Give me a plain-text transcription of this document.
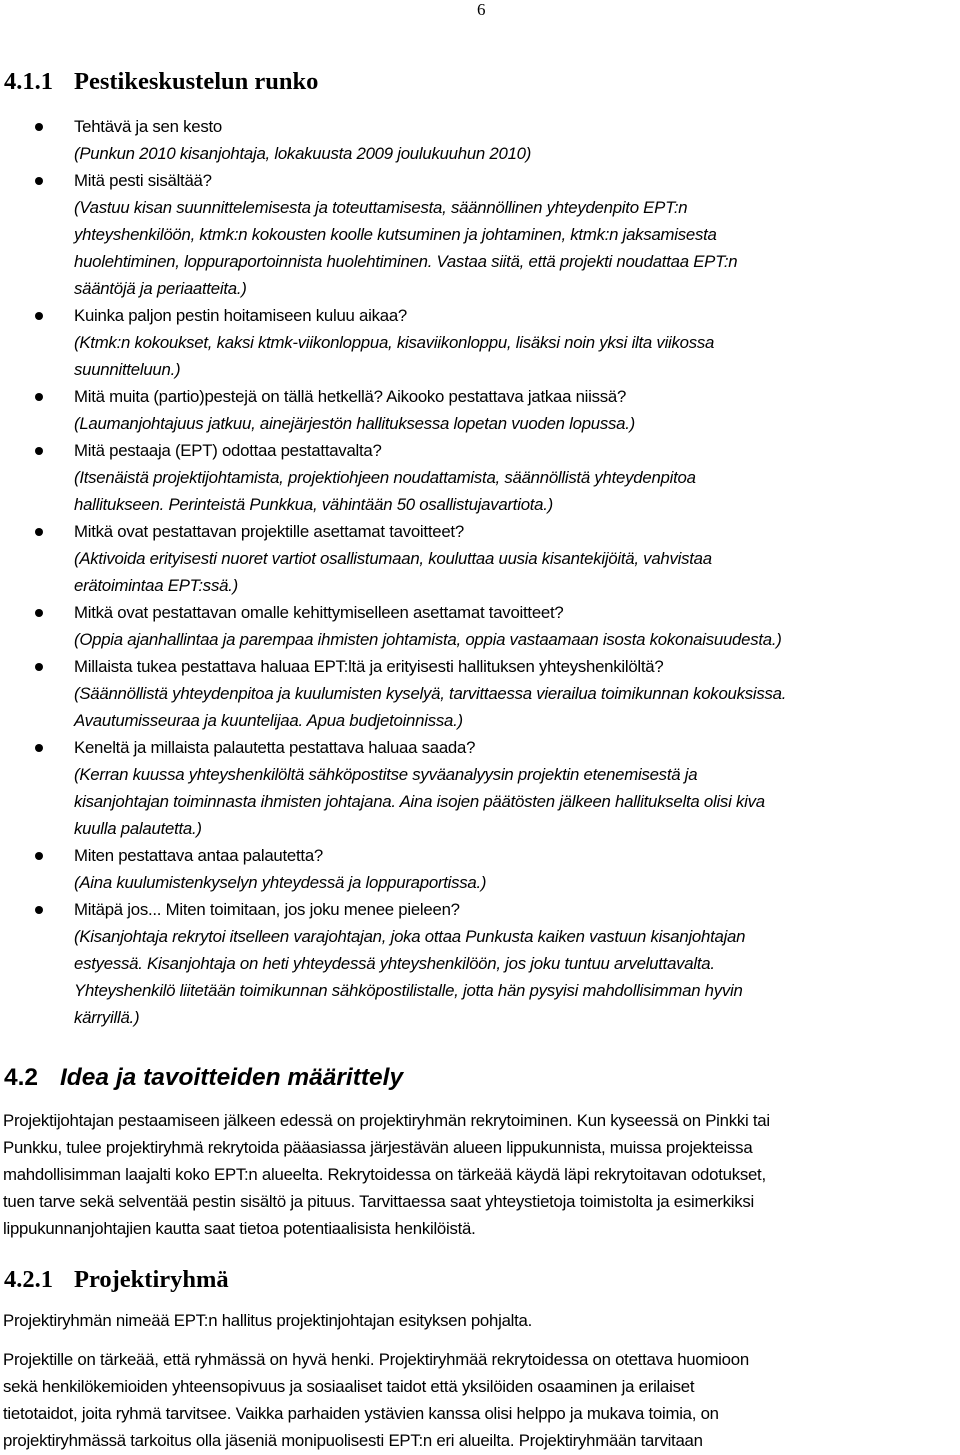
6
4.1.1 Pestikeskustelun runko
Tehtävä ja sen kesto
(Punkun 2010 kisanjohtaja, lokakuusta 2009 joulukuuhun 2010)
Mitä pesti sisältää?
(Vastuu kisan suunnittelemisesta ja toteuttamisesta, säännöllinen yhteydenpito EPT:n
yhteyshenkilöön, ktmk:n kokousten koolle kutsuminen ja johtaminen, ktmk:n jaksamisesta
huolehtiminen, loppuraportoinnista huolehtiminen. Vastaa siitä, että projekti noudattaa EPT:n
sääntöjä ja periaatteita.)
Kuinka paljon pestin hoitamiseen kuluu aikaa?
(Ktmk:n kokoukset, kaksi ktmk-viikonloppua, kisaviikonloppu, lisäksi noin yksi ilta viikossa
suunnitteluun.)
Mitä muita (partio)pestejä on tällä hetkellä? Aikooko pestattava jatkaa niissä?
(Laumanjohtajuus jatkuu, ainejärjestön hallituksessa lopetan vuoden lopussa.)
Mitä pestaaja (EPT) odottaa pestattavalta?
(Itsenäistä projektijohtamista, projektiohjeen noudattamista, säännöllistä yhteydenpitoa
hallitukseen. Perinteistä Punkkua, vähintään 50 osallistujavartiota.)
Mitkä ovat pestattavan projektille asettamat tavoitteet?
(Aktivoida erityisesti nuoret vartiot osallistumaan, kouluttaa uusia kisantekijöitä, vahvistaa
erätoimintaa EPT:ssä.)
Mitkä ovat pestattavan omalle kehittymiselleen asettamat tavoitteet?
(Oppia ajanhallintaa ja parempaa ihmisten johtamista, oppia vastaamaan isosta kokonaisuudesta.)
Millaista tukea pestattava haluaa EPT:ltä ja erityisesti hallituksen yhteyshenkilöltä?
(Säännöllistä yhteydenpitoa ja kuulumisten kyselyä, tarvittaessa vierailua toimikunnan kokouksissa.
Avautumisseuraa ja kuuntelijaa. Apua budjetoinnissa.)
Keneltä ja millaista palautetta pestattava haluaa saada?
(Kerran kuussa yhteyshenkilöltä sähköpostitse syväanalyysin projektin etenemisestä ja
kisanjohtajan toiminnasta ihmisten johtajana. Aina isojen päätösten jälkeen hallitukselta olisi kiva
kuulla palautetta.)
Miten pestattava antaa palautetta?
(Aina kuulumistenkyselyn yhteydessä ja loppuraportissa.)
Mitäpä jos... Miten toimitaan, jos joku menee pieleen?
(Kisanjohtaja rekrytoi itselleen varajohtajan, joka ottaa Punkusta kaiken vastuun kisanjohtajan
estyessä. Kisanjohtaja on heti yhteydessä yhteyshenkilöön, jos joku tuntuu arveluttavalta.
Yhteyshenkilö liitetään toimikunnan sähköpostilistalle, jotta hän pysyisi mahdollisimman hyvin
kärryillä.)
4.2 Idea ja tavoitteiden määrittely
Projektijohtajan pestaamiseen jälkeen edessä on projektiryhmän rekrytoiminen. Kun kyseessä on Pinkki tai
Punkku, tulee projektiryhmä rekrytoida pääasiassa järjestävän alueen lippukunnista, muissa projekteissa
mahdollisimman laajalti koko EPT:n alueelta. Rekrytoidessa on tärkeää käydä läpi rekrytoitavan odotukset,
tuen tarve sekä selventää pestin sisältö ja pituus. Tarvittaessa saat yhteystietoja toimistolta ja esimerkiksi
lippukunnanjohtajien kautta saat tietoa potentiaalisista henkilöistä.
4.2.1 Projektiryhmä
Projektiryhmän nimeää EPT:n hallitus projektinjohtajan esityksen pohjalta.
Projektille on tärkeää, että ryhmässä on hyvä henki. Projektiryhmää rekrytoidessa on otettava huomioon
sekä henkilökemioiden yhteensopivuus ja sosiaaliset taidot että yksilöiden osaaminen ja erilaiset
tietotaidot, joita ryhmä tarvitsee. Vaikka parhaiden ystävien kanssa olisi helppo ja mukava toimia, on
projektiryhmässä tarkoitus olla jäseniä monipuolisesti EPT:n eri alueilta. Projektiryhmään tarvitaan
